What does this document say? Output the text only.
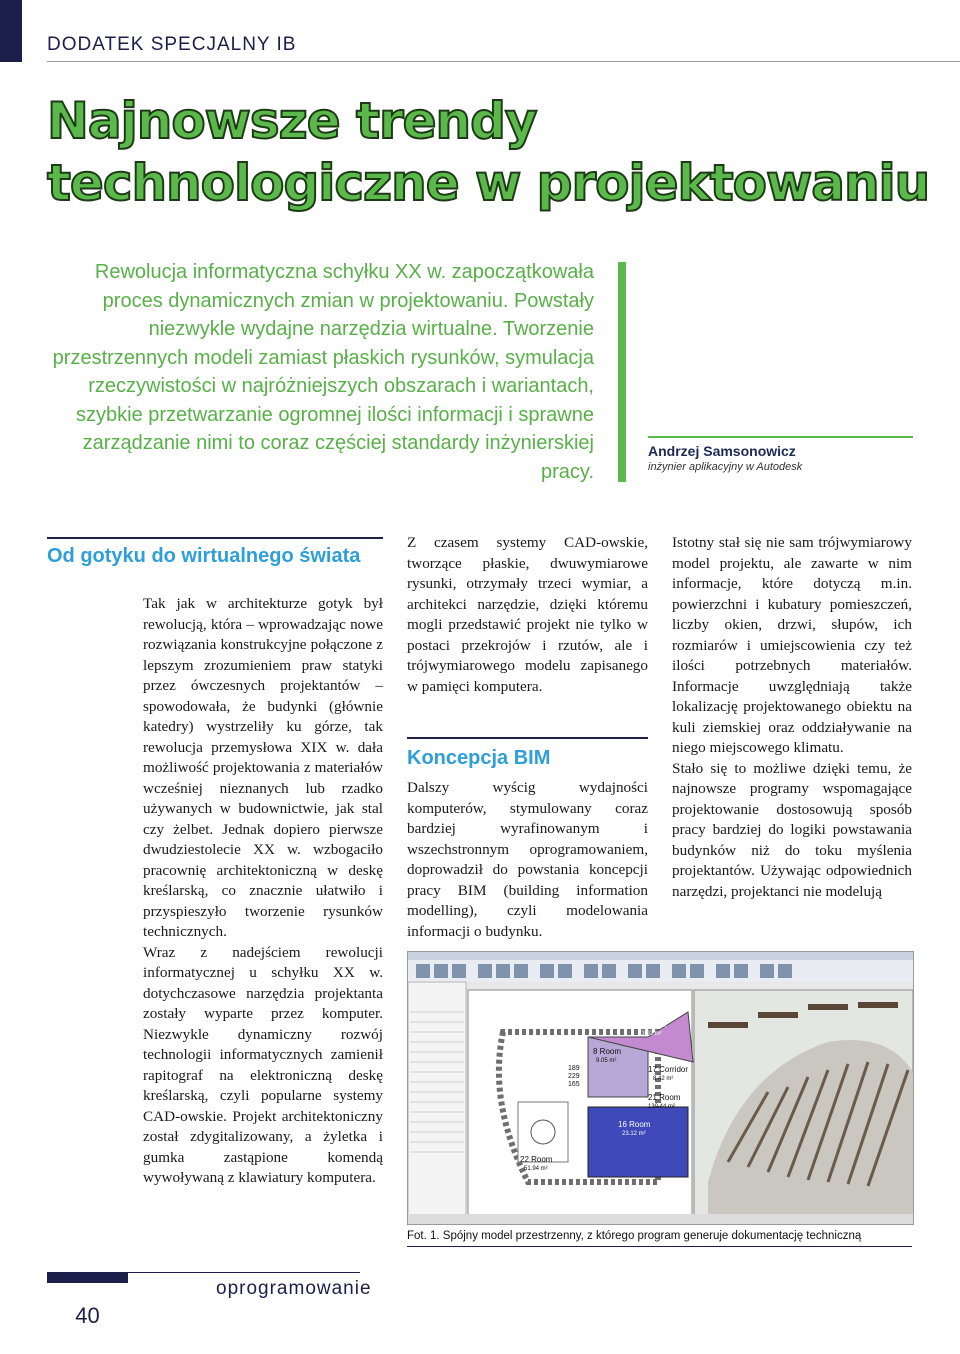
DODATEK SPECJALNY IB
Najnowsze trendy technologiczne w projektowaniu

Rewolucja informatyczna schyłku XX w. zapoczątkowała proces dynamicznych zmian w projektowaniu. Powstały niezwykle wydajne narzędzia wirtualne. Tworzenie przestrzennych modeli zamiast płaskich rysunków, symulacja rzeczywistości w najróżniejszych obszarach i wariantach, szybkie przetwarzanie ogromnej ilości informacji i sprawne zarządzanie nimi to coraz częściej standardy inżynierskiej pracy.

Andrzej Samsonowicz
inżynier aplikacyjny w Autodesk
Od gotyku do wirtualnego świata

Tak jak w architekturze gotyk był rewolucją, która – wprowadzając nowe rozwiązania konstrukcyjne połączone z lepszym zrozumieniem praw statyki przez ówczesnych projektantów – spowodowała, że budynki (głównie katedry) wystrzeliły ku górze, tak rewolucja przemysłowa XIX w. dała możliwość projektowania z materiałów wcześniej nieznanych lub rzadko używanych w budownictwie, jak stal czy żelbet. Jednak dopiero pierwsze dwudziestolecie XX w. wzbogaciło pracownię architektoniczną w deskę kreślarską, co znacznie ułatwiło i przyspieszyło tworzenie rysunków technicznych.

Wraz z nadejściem rewolucji informatycznej u schyłku XX w. dotychczasowe narzędzia projektanta zostały wyparte przez komputer. Niezwykle dynamiczny rozwój technologii informatycznych zamienił rapitograf na elektroniczną deskę kreślarską, czyli popularne systemy CAD-owskie. Projekt architektoniczny został zdygitalizowany, a żyletka i gumka zastąpione komendą wywoływaną z klawiatury komputera.

Z czasem systemy CAD-owskie, tworzące płaskie, dwuwymiarowe rysunki, otrzymały trzeci wymiar, a architekci narzędzie, dzięki któremu mogli przedstawić projekt nie tylko w postaci przekrojów i rzutów, ale i trójwymiarowego modelu zapisanego w pamięci komputera.

Koncepcja BIM

Dalszy wyścig wydajności komputerów, stymulowany coraz bardziej wyrafinowanym i wszechstronnym oprogramowaniem, doprowadził do powstania koncepcji pracy BIM (building information modelling), czyli modelowania informacji o budynku.

Istotny stał się nie sam trójwymiarowy model projektu, ale zawarte w nim informacje, które dotyczą m.in. powierzchni i kubatury pomieszczeń, liczby okien, drzwi, słupów, ich rozmiarów i umiejscowienia czy też ilości potrzebnych materiałów. Informacje uwzględniają także lokalizację projektowanego obiektu na kuli ziemskiej oraz oddziaływanie na niego miejscowego klimatu.

Stało się to możliwe dzięki temu, że najnowsze programy wspomagające projektowanie dostosowują sposób pracy bardziej do logiki powstawania budynków niż do toku myślenia projektantów. Używając odpowiednich narzędzi, projektanci nie modelują

9 Room
13.92 m²
16 Room
23.12 m²
8 Room
9.05 m²
17 Corridor
8.42 m²
21 Room
130.44 m²
22 Room
51.94 m²
189
229
165
Fot. 1. Spójny model przestrzenny, z którego program generuje dokumentację techniczną
40
oprogramowanie
